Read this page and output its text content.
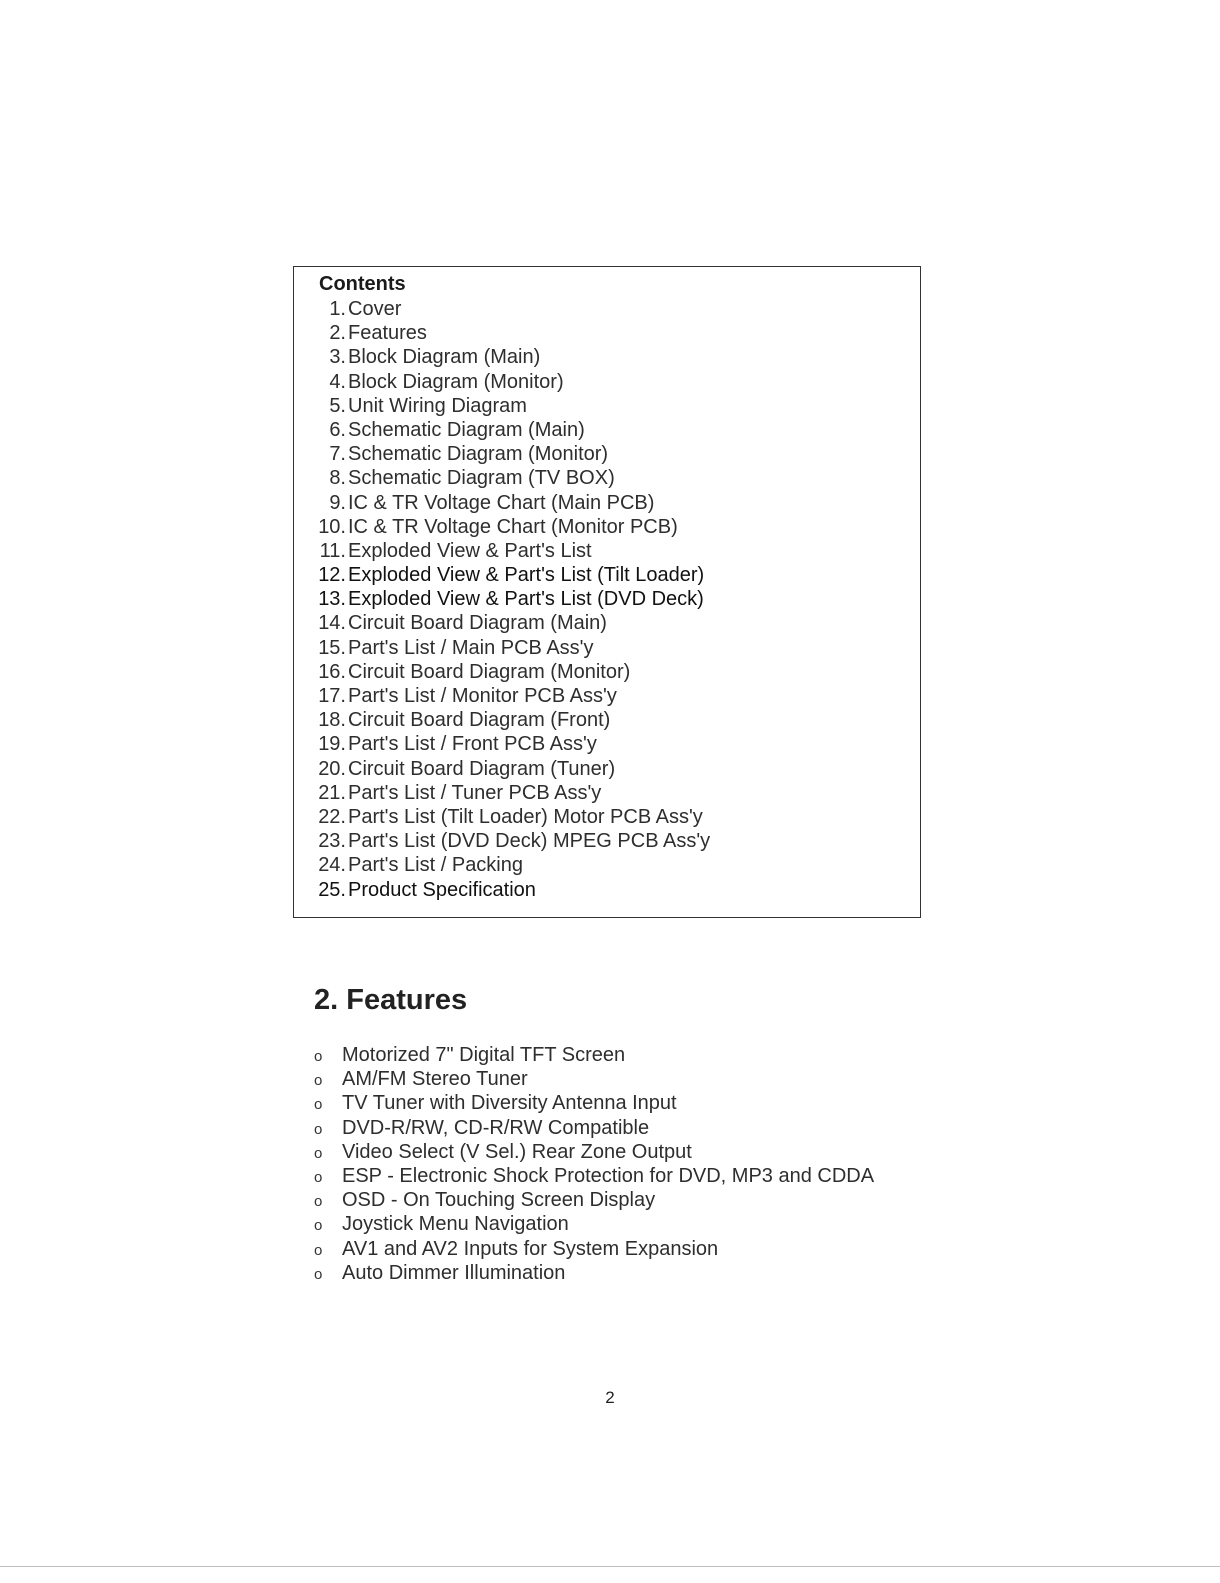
Contents
1. Cover
2. Features
3. Block Diagram (Main)
4. Block Diagram (Monitor)
5. Unit Wiring Diagram
6. Schematic Diagram (Main)
7. Schematic Diagram (Monitor)
8. Schematic Diagram (TV BOX)
9. IC & TR Voltage Chart (Main PCB)
10. IC & TR Voltage Chart (Monitor PCB)
11. Exploded View & Part's List
12. Exploded View & Part's List (Tilt Loader)
13. Exploded View & Part's List (DVD Deck)
14. Circuit Board Diagram (Main)
15. Part's List / Main PCB Ass'y
16. Circuit Board Diagram (Monitor)
17. Part's List / Monitor PCB Ass'y
18. Circuit Board Diagram (Front)
19. Part's List / Front PCB Ass'y
20. Circuit Board Diagram (Tuner)
21. Part's List / Tuner PCB Ass'y
22. Part's List (Tilt Loader) Motor PCB Ass'y
23. Part's List (DVD Deck) MPEG PCB Ass'y
24. Part's List / Packing
25. Product Specification
2. Features
o Motorized 7" Digital TFT Screen
o AM/FM Stereo Tuner
o TV Tuner with Diversity Antenna Input
o DVD-R/RW, CD-R/RW Compatible
o Video Select (V Sel.) Rear Zone Output
o ESP - Electronic Shock Protection for DVD, MP3 and CDDA
o OSD - On Touching Screen Display
o Joystick Menu Navigation
o AV1 and AV2 Inputs for System Expansion
o Auto Dimmer Illumination
2
